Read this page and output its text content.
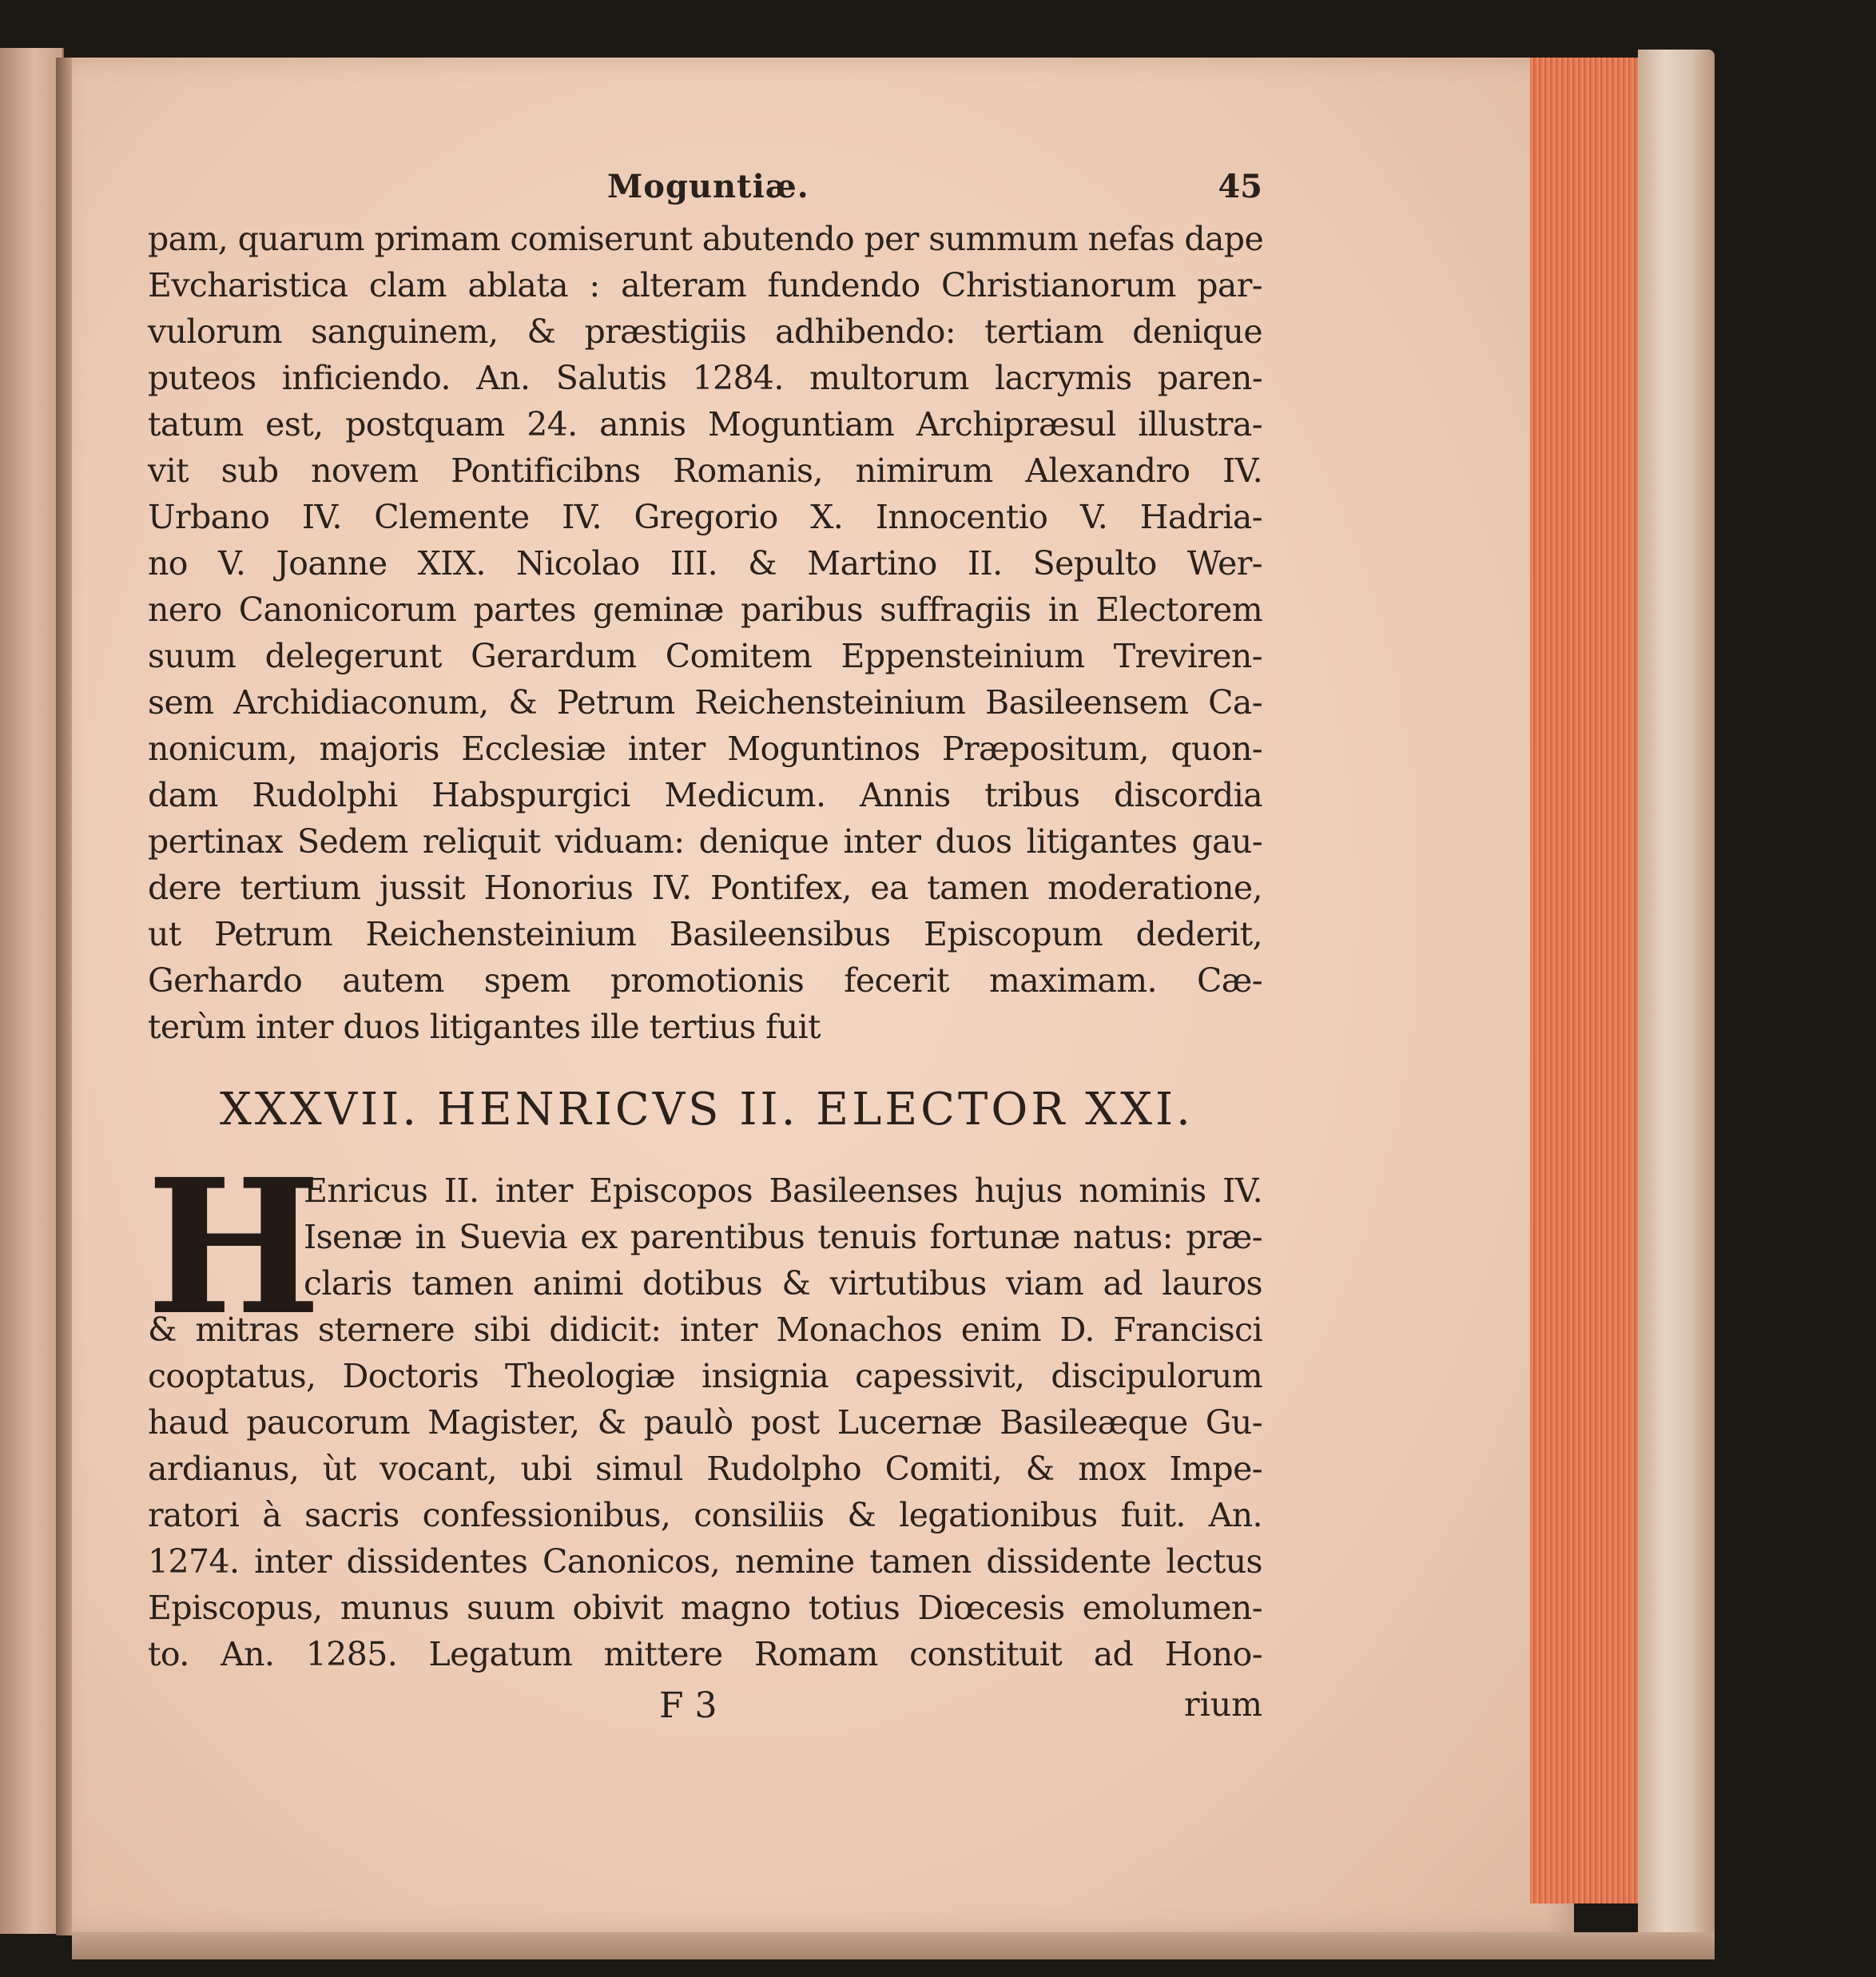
Moguntiæ.	45
pam, quarum primam comiserunt abutendo per summum nefas dape
Evcharistica clam ablata : alteram fundendo Christianorum par-
vulorum sanguinem, & præstigiis adhibendo: tertiam denique
puteos inficiendo. An. Salutis 1284. multorum lacrymis paren-
tatum est, postquam 24. annis Moguntiam Archipræsul illustra-
vit sub novem Pontificibns Romanis, nimirum Alexandro IV.
Urbano IV. Clemente IV. Gregorio X. Innocentio V. Hadria-
no V. Joanne XIX. Nicolao III. & Martino II. Sepulto Wer-
nero Canonicorum partes geminæ paribus suffragiis in Electorem
suum delegerunt Gerardum Comitem Eppensteinium Treviren-
sem Archidiaconum, & Petrum Reichensteinium Basileensem Ca-
nonicum, majoris Ecclesiæ inter Moguntinos Præpositum, quon-
dam Rudolphi Habspurgici Medicum. Annis tribus discordia
pertinax Sedem reliquit viduam: denique inter duos litigantes gau-
dere tertium jussit Honorius IV. Pontifex, ea tamen moderatione,
ut Petrum Reichensteinium Basileensibus Episcopum dederit,
Gerhardo autem spem promotionis fecerit maximam. Cæ-
terùm inter duos litigantes ille tertius fuit
XXXVII. HENRICVS II. ELECTOR XXI.
H
Enricus II. inter Episcopos Basileenses hujus nominis IV.
Isenæ in Suevia ex parentibus tenuis fortunæ natus: præ-
claris tamen animi dotibus & virtutibus viam ad lauros
& mitras sternere sibi didicit: inter Monachos enim D. Francisci
cooptatus, Doctoris Theologiæ insignia capessivit, discipulorum
haud paucorum Magister, & paulò post Lucernæ Basileæque Gu-
ardianus, ùt vocant, ubi simul Rudolpho Comiti, & mox Impe-
ratori à sacris confessionibus, consiliis & legationibus fuit. An.
1274. inter dissidentes Canonicos, nemine tamen dissidente lectus
Episcopus, munus suum obivit magno totius Diœcesis emolumen-
to. An. 1285. Legatum mittere Romam constituit ad Hono-
F 3	rium
